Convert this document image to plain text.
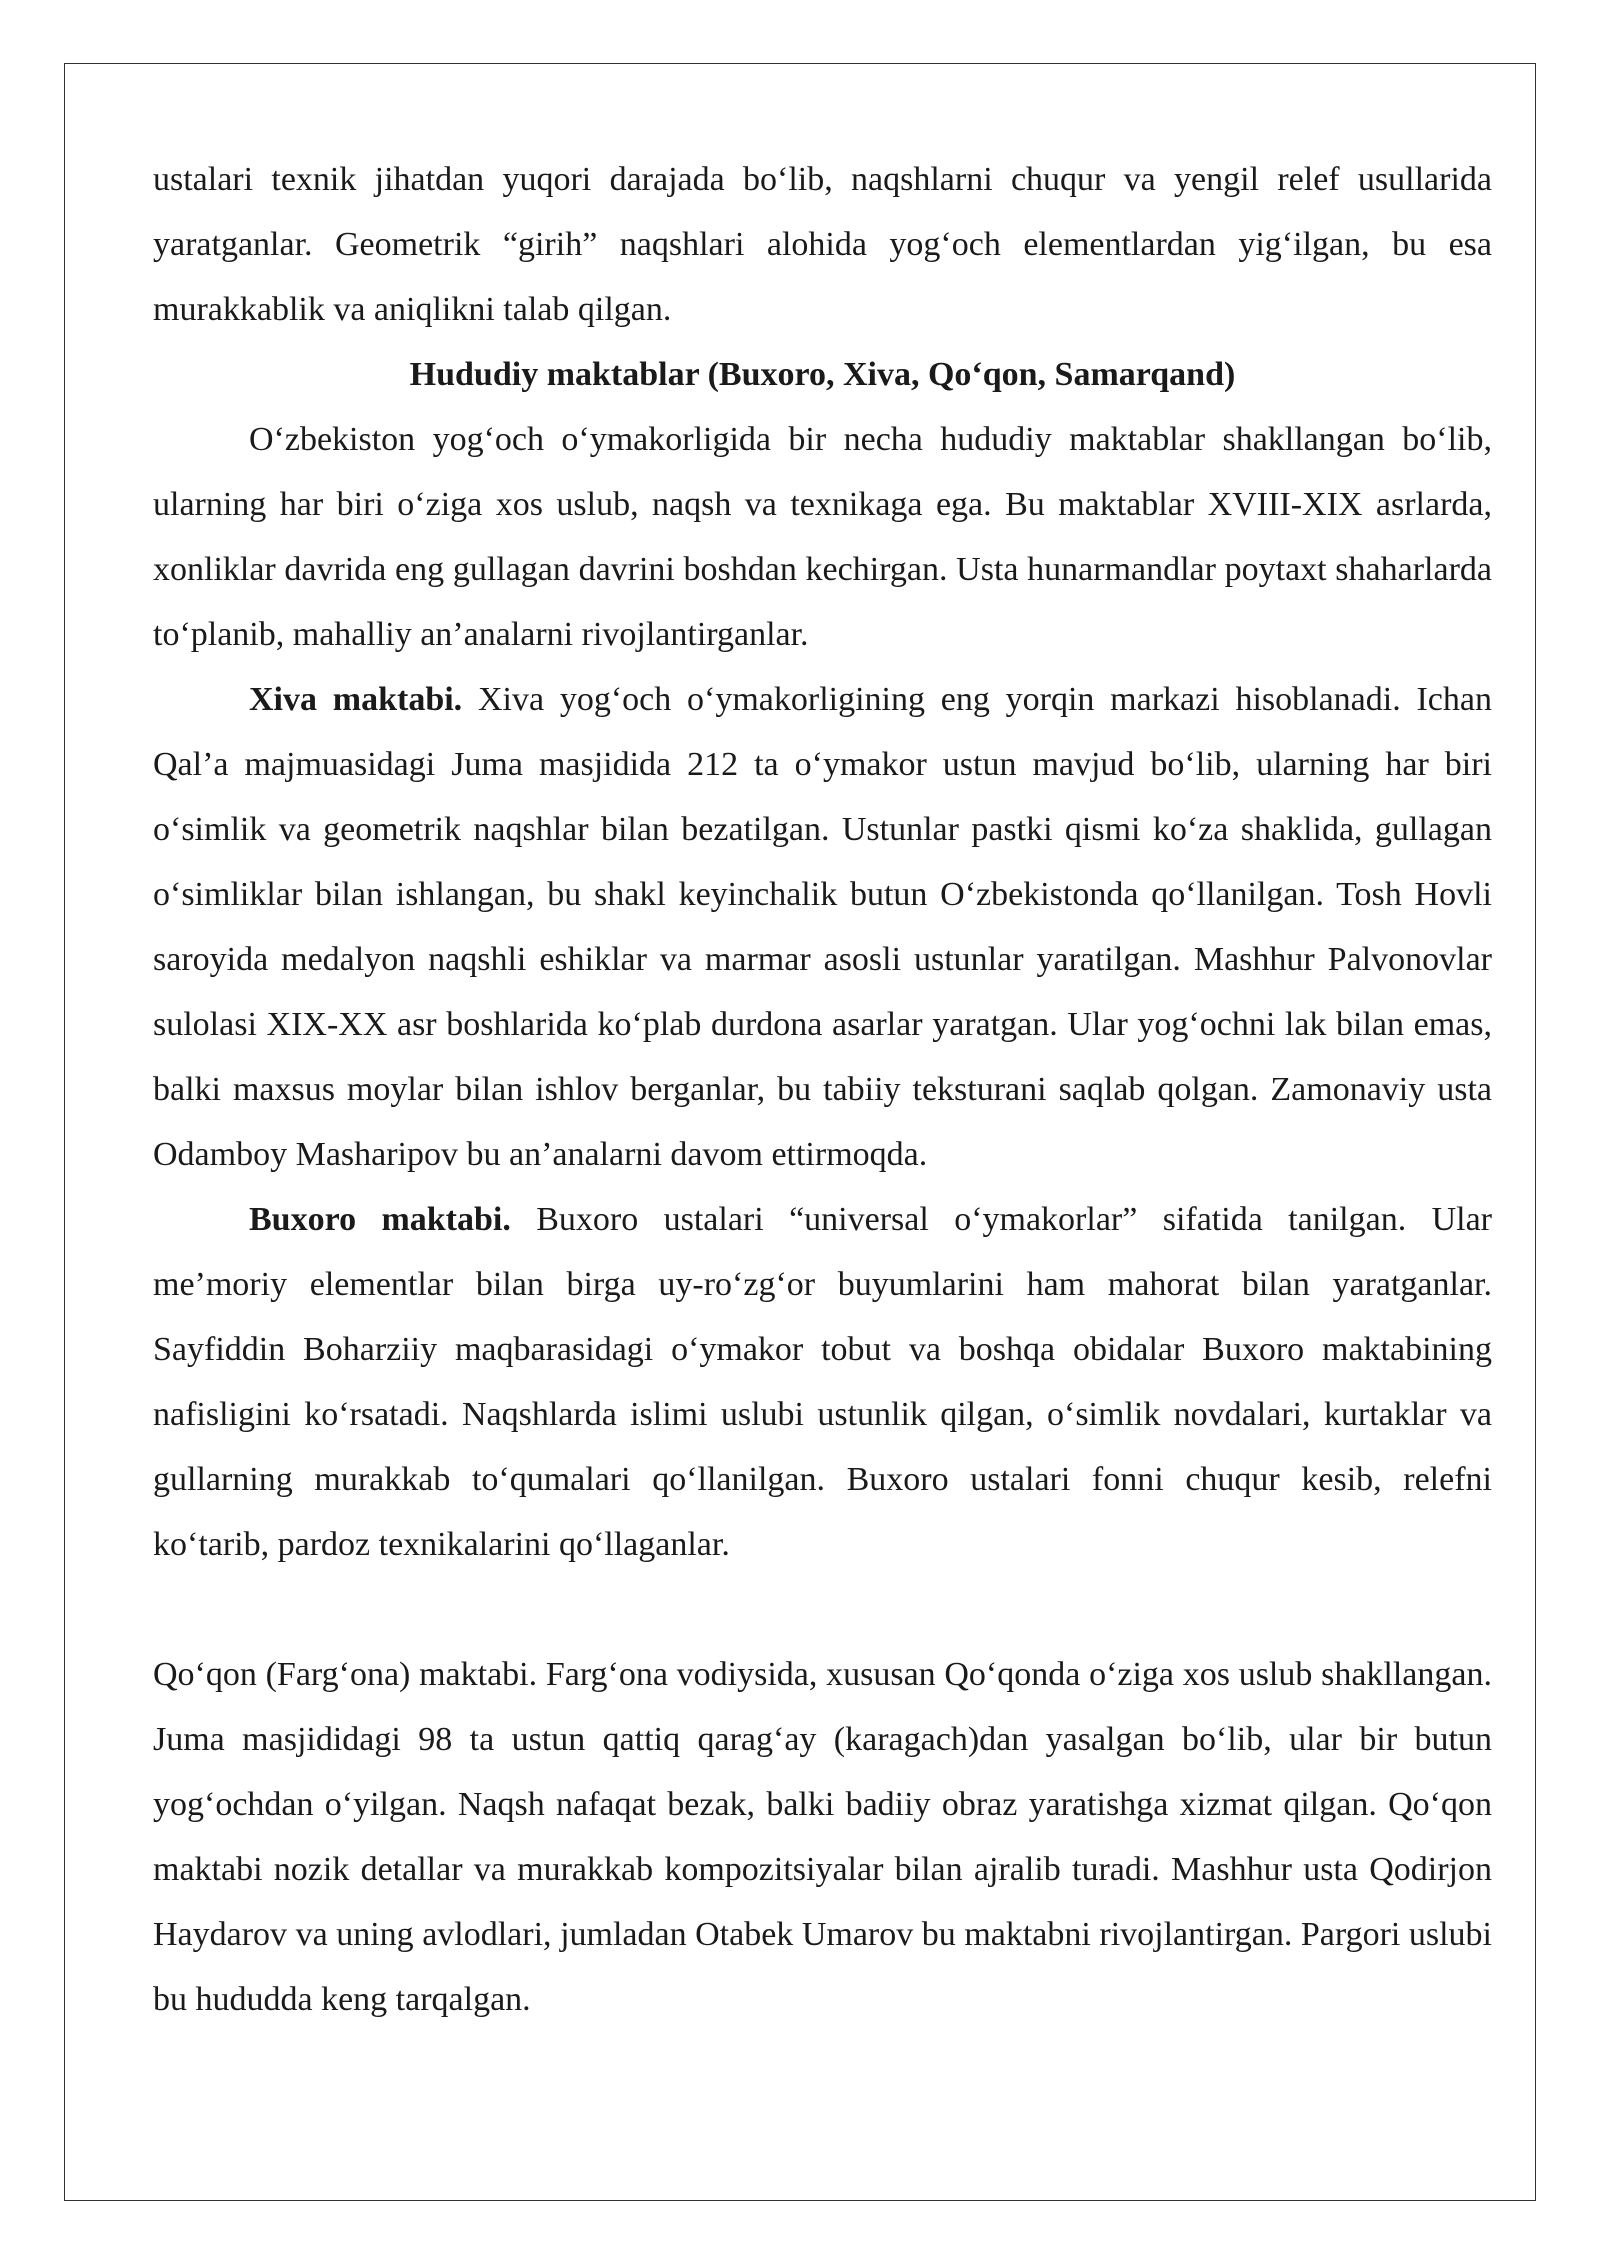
ustalari texnik jihatdan yuqori darajada bo‘lib, naqshlarni chuqur va yengil relef usullarida yaratganlar. Geometrik “girih” naqshlari alohida yog‘och elementlardan yig‘ilgan, bu esa murakkablik va aniqlikni talab qilgan.

Hududiy maktablar (Buxoro, Xiva, Qo‘qon, Samarqand)

O‘zbekiston yog‘och o‘ymakorligida bir necha hududiy maktablar shakllangan bo‘lib, ularning har biri o‘ziga xos uslub, naqsh va texnikaga ega. Bu maktablar XVIII-XIX asrlarda, xonliklar davrida eng gullagan davrini boshdan kechirgan. Usta hunarmandlar poytaxt shaharlarda to‘planib, mahalliy an’analarni rivojlantirganlar.

Xiva maktabi. Xiva yog‘och o‘ymakorligining eng yorqin markazi hisoblanadi. Ichan Qal’a majmuasidagi Juma masjidida 212 ta o‘ymakor ustun mavjud bo‘lib, ularning har biri o‘simlik va geometrik naqshlar bilan bezatilgan. Ustunlar pastki qismi ko‘za shaklida, gullagan o‘simliklar bilan ishlangan, bu shakl keyinchalik butun O‘zbekistonda qo‘llanilgan. Tosh Hovli saroyida medalyon naqshli eshiklar va marmar asosli ustunlar yaratilgan. Mashhur Palvonovlar sulolasi XIX-XX asr boshlarida ko‘plab durdona asarlar yaratgan. Ular yog‘ochni lak bilan emas, balki maxsus moylar bilan ishlov berganlar, bu tabiiy teksturani saqlab qolgan. Zamonaviy usta Odamboy Masharipov bu an’analarni davom ettirmoqda.

Buxoro maktabi. Buxoro ustalari “universal o‘ymakorlar” sifatida tanilgan. Ular me’moriy elementlar bilan birga uy-ro‘zg‘or buyumlarini ham mahorat bilan yaratganlar. Sayfiddin Boharziiy maqbarasidagi o‘ymakor tobut va boshqa obidalar Buxoro maktabining nafisligini ko‘rsatadi. Naqshlarda islimi uslubi ustunlik qilgan, o‘simlik novdalari, kurtaklar va gullarning murakkab to‘qumalari qo‘llanilgan. Buxoro ustalari fonni chuqur kesib, relefni ko‘tarib, pardoz texnikalarini qo‘llaganlar.

Qo‘qon (Farg‘ona) maktabi. Farg‘ona vodiysida, xususan Qo‘qonda o‘ziga xos uslub shakllangan. Juma masjididagi 98 ta ustun qattiq qarag‘ay (karagach)dan yasalgan bo‘lib, ular bir butun yog‘ochdan o‘yilgan. Naqsh nafaqat bezak, balki badiiy obraz yaratishga xizmat qilgan. Qo‘qon maktabi nozik detallar va murakkab kompozitsiyalar bilan ajralib turadi. Mashhur usta Qodirjon Haydarov va uning avlodlari, jumladan Otabek Umarov bu maktabni rivojlantirgan. Pargori uslubi bu hududda keng tarqalgan.
